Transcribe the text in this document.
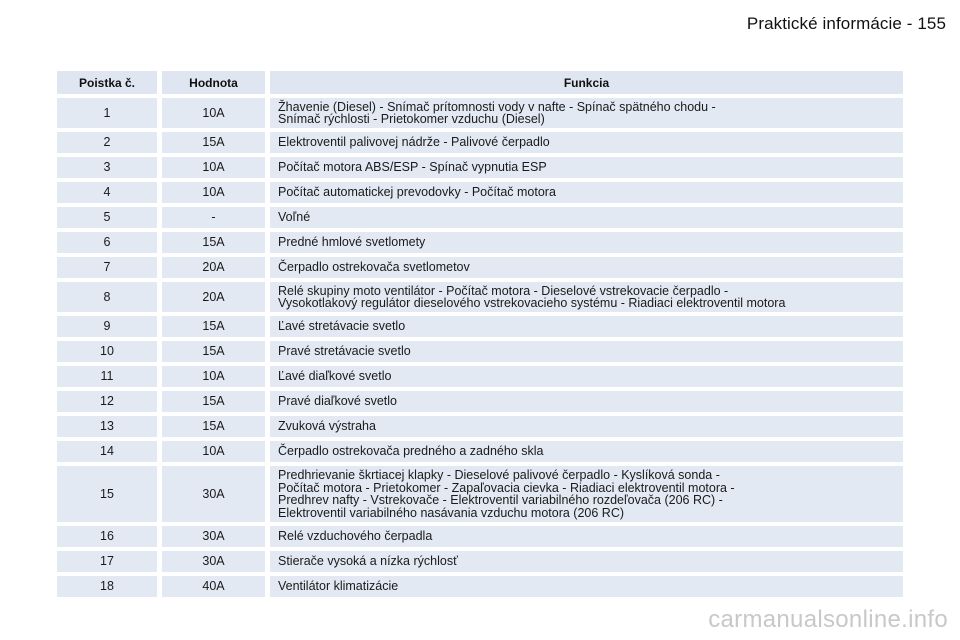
Praktické informácie - 155
Poistka č.	Hodnota	Funkcia
1	10A	Žhavenie (Diesel) - Snímač prítomnosti vody v nafte - Spínač spätného chodu -
Snímač rýchlosti - Prietokomer vzduchu (Diesel)

2	15A	Elektroventil palivovej nádrže - Palivové čerpadlo

3	10A	Počítač motora ABS/ESP - Spínač vypnutia ESP

4	10A	Počítač automatickej prevodovky - Počítač motora

5	-	Voľné

6	15A	Predné hmlové svetlomety

7	20A	Čerpadlo ostrekovača svetlometov

8	20A	Relé skupiny moto ventilátor - Počítač motora - Dieselové vstrekovacie čerpadlo -
Vysokotlakový regulátor dieselového vstrekovacieho systému - Riadiaci elektroventil motora

9	15A	Ľavé stretávacie svetlo

10	15A	Pravé stretávacie svetlo

11	10A	Ľavé diaľkové svetlo

12	15A	Pravé diaľkové svetlo

13	15A	Zvuková výstraha

14	10A	Čerpadlo ostrekovača predného a zadného skla

15	30A	Predhrievanie škrtiacej klapky - Dieselové palivové čerpadlo - Kyslíková sonda -
Počítač motora - Prietokomer - Zapaľovacia cievka - Riadiaci elektroventil motora -
Predhrev nafty - Vstrekovače - Elektroventil variabilného rozdeľovača (206 RC) -
Elektroventil variabilného nasávania vzduchu motora (206 RC)

16	30A	Relé vzduchového čerpadla

17	30A	Stierače vysoká a nízka rýchlosť

18	40A	Ventilátor klimatizácie
carmanualsonline.info
